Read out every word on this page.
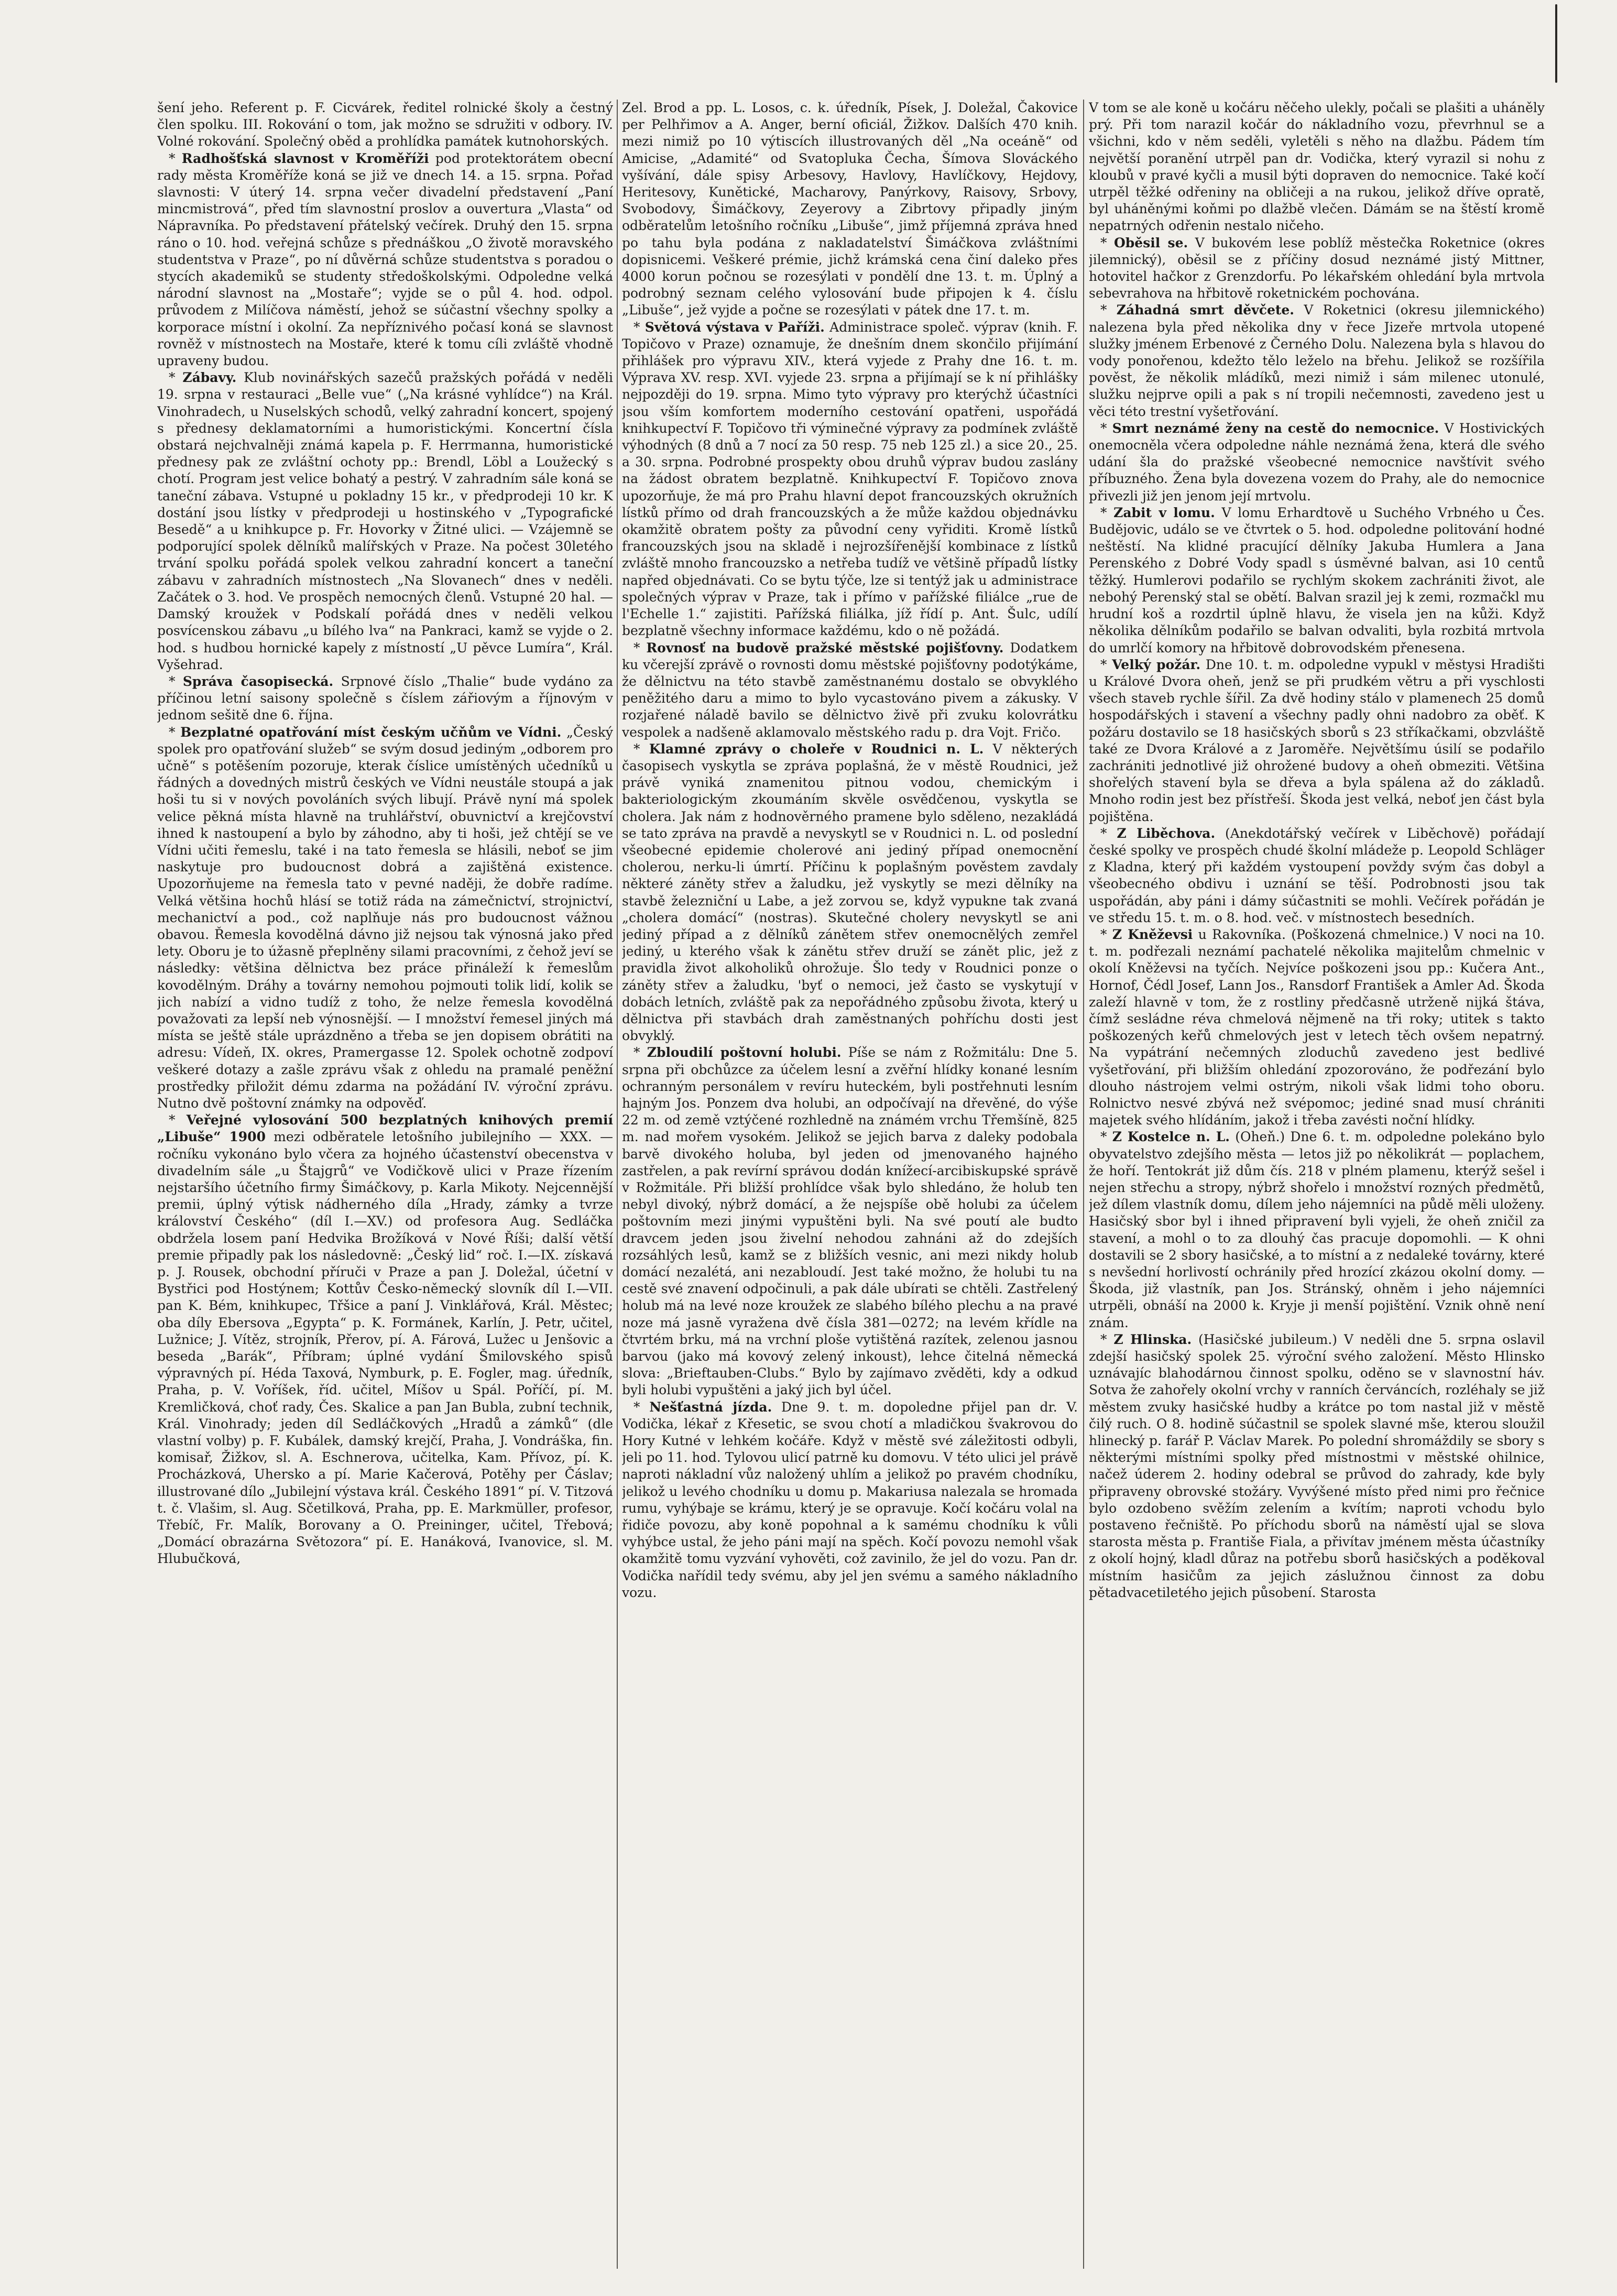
šení jeho. Referent p. F. Cicvárek, ředitel rolnické školy a čestný člen spolku. III. Rokování o tom, jak možno se sdružiti v odbory. IV. Volné rokování. Společný oběd a prohlídka památek kutnohorských.

* Radhošťská slavnost v Kroměříži pod protektorátem obecní rady města Kroměříže koná se již ve dnech 14. a 15. srpna. Pořad slavnosti: V úterý 14. srpna večer divadelní představení „Paní mincmistrová“, před tím slavnostní proslov a ouvertura „Vlasta“ od Nápravníka. Po představení přátelský večírek. Druhý den 15. srpna ráno o 10. hod. veřejná schůze s přednáškou „O životě moravského studentstva v Praze“, po ní důvěrná schůze studentstva s poradou o stycích akademiků se studenty středoškolskými. Odpoledne velká národní slavnost na „Mostaře“; vyjde se o půl 4. hod. odpol. průvodem z Milíčova náměstí, jehož se súčastní všechny spolky a korporace místní i okolní. Za nepříznivého počasí koná se slavnost rovněž v místnostech na Mostaře, které k tomu cíli zvláště vhodně upraveny budou.

* Zábavy. Klub novinářských sazečů pražských pořádá v neděli 19. srpna v restauraci „Belle vue“ („Na krásné vyhlídce“) na Král. Vinohradech, u Nuselských schodů, velký zahradní koncert, spojený s přednesy deklamatorními a humoristickými. Koncertní čísla obstará nejchvalněji známá kapela p. F. Herrmanna, humoristické přednesy pak ze zvláštní ochoty pp.: Brendl, Löbl a Loužecký s chotí. Program jest velice bohatý a pestrý. V zahradním sále koná se taneční zábava. Vstupné u pokladny 15 kr., v předprodeji 10 kr. K dostání jsou lístky v předprodeji u hostinského v „Typografické Besedě“ a u knihkupce p. Fr. Hovorky v Žitné ulici. — Vzájemně se podporující spolek dělníků malířských v Praze. Na počest 30letého trvání spolku pořádá spolek velkou zahradní koncert a taneční zábavu v zahradních místnostech „Na Slovanech“ dnes v neděli. Začátek o 3. hod. Ve prospěch nemocných členů. Vstupné 20 hal. — Damský kroužek v Podskalí pořádá dnes v neděli velkou posvícenskou zábavu „u bílého lva“ na Pankraci, kamž se vyjde o 2. hod. s hudbou hornické kapely z místností „U pěvce Lumíra“, Král. Vyšehrad.

* Správa časopisecká. Srpnové číslo „Thalie“ bude vydáno za příčinou letní saisony společně s číslem zářiovým a říjnovým v jednom sešitě dne 6. října.

* Bezplatné opatřování míst českým učňům ve Vídni. „Český spolek pro opatřování služeb“ se svým dosud jediným „odborem pro učně“ s potěšením pozoruje, kterak číslice umístěných učedníků u řádných a dovedných mistrů českých ve Vídni neustále stoupá a jak hoši tu si v nových povoláních svých libují. Právě nyní má spolek velice pěkná místa hlavně na truhlářství, obuvnictví a krejčovství ihned k nastoupení a bylo by záhodno, aby ti hoši, jež chtějí se ve Vídni učiti řemeslu, také i na tato řemesla se hlásili, neboť se jim naskytuje pro budoucnost dobrá a zajištěná existence. Upozorňujeme na řemesla tato v pevné naději, že dobře radíme. Velká většina hochů hlásí se totiž ráda na zámečnictví, strojnictví, mechanictví a pod., což naplňuje nás pro budoucnost vážnou obavou. Řemesla kovodělná dávno již nejsou tak výnosná jako před lety. Oboru je to úžasně přeplněny silami pracovními, z čehož jeví se následky: většina dělnictva bez práce přináleží k řemeslům kovodělným. Dráhy a továrny nemohou pojmouti tolik lidí, kolik se jich nabízí a vidno tudíž z toho, že nelze řemesla kovodělná považovati za lepší neb výnosnější. — I množství řemesel jiných má místa se ještě stále uprázdněno a třeba se jen dopisem obrátiti na adresu: Vídeň, IX. okres, Pramergasse 12. Spolek ochotně zodpoví veškeré dotazy a zašle zprávu však z ohledu na pramalé peněžní prostředky přiložit dému zdarma na požádání IV. výroční zprávu. Nutno dvě poštovní známky na odpověď.

* Veřejné vylosování 500 bezplatných knihových premií „Libuše“ 1900 mezi odběratele letošního jubilejního — XXX. — ročníku vykonáno bylo včera za hojného účastenství obecenstva v divadelním sále „u Štajgrů“ ve Vodičkově ulici v Praze řízením nejstaršího účetního firmy Šimáčkovy, p. Karla Mikoty. Nejcennější premii, úplný výtisk nádherného díla „Hrady, zámky a tvrze království Českého“ (díl I.—XV.) od profesora Aug. Sedláčka obdržela losem paní Hedvika Brožíková v Nové Říši; další větší premie připadly pak los následovně: „Český lid“ roč. I.—IX. získavá p. J. Rousek, obchodní příruči v Praze a pan J. Doležal, účetní v Bystřici pod Hostýnem; Kottův Česko-německý slovník díl I.—VII. pan K. Bém, knihkupec, Třšice a paní J. Vinklářová, Král. Městec; oba díly Ebersova „Egypta“ p. K. Formánek, Karlín, J. Petr, učitel, Lužnice; J. Vítěz, strojník, Přerov, pí. A. Fárová, Lužec u Jenšovic a beseda „Barák“, Příbram; úplné vydání Šmilovského spisů výpravných pí. Héda Taxová, Nymburk, p. E. Fogler, mag. úředník, Praha, p. V. Voříšek, říd. učitel, Míšov u Spál. Poříčí, pí. M. Kremličková, choť rady, Čes. Skalice a pan Jan Bubla, zubní technik, Král. Vinohrady; jeden díl Sedláčkových „Hradů a zámků“ (dle vlastní volby) p. F. Kubálek, damský krejčí, Praha, J. Vondráška, fin. komisař, Žižkov, sl. A. Eschnerova, učitelka, Kam. Přívoz, pí. K. Procházková, Uhersko a pí. Marie Kačerová, Potěhy per Čáslav; illustrované dílo „Jubilejní výstava král. Českého 1891“ pí. V. Titzová t. č. Vlašim, sl. Aug. Sčetilková, Praha, pp. E. Markmüller, profesor, Třebíč, Fr. Malík, Borovany a O. Preininger, učitel, Třebová; „Domácí obrazárna Světozora“ pí. E. Hanáková, Ivanovice, sl. M. Hlubučková,

Zel. Brod a pp. L. Losos, c. k. úředník, Písek, J. Doležal, Čakovice per Pelhřimov a A. Anger, berní oficiál, Žižkov. Dalších 470 knih. mezi nimiž po 10 výtiscích illustrovaných děl „Na oceáně“ od Amicise, „Adamité“ od Svatopluka Čecha, Šímova Slováckého vyšívání, dále spisy Arbesovy, Havlovy, Havlíčkovy, Hejdovy, Heritesovy, Kunětické, Macharovy, Panýrkovy, Raisovy, Srbovy, Svobodovy, Šimáčkovy, Zeyerovy a Zibrtovy připadly jiným odběratelům letošního ročníku „Libuše“, jimž příjemná zpráva hned po tahu byla podána z nakladatelství Šimáčkova zvláštními dopisnicemi. Veškeré prémie, jichž krámská cena činí daleko přes 4000 korun počnou se rozesýlati v pondělí dne 13. t. m. Úplný a podrobný seznam celého vylosování bude připojen k 4. číslu „Libuše“, jež vyjde a počne se rozesýlati v pátek dne 17. t. m.

* Světová výstava v Paříži. Administrace společ. výprav (knih. F. Topičovo v Praze) oznamuje, že dnešním dnem skončilo přijímání přihlášek pro výpravu XIV., která vyjede z Prahy dne 16. t. m. Výprava XV. resp. XVI. vyjede 23. srpna a přijímají se k ní přihlášky nejpozději do 19. srpna. Mimo tyto výpravy pro kterýchž účastníci jsou vším komfortem moderního cestování opatřeni, uspořádá knihkupectví F. Topičovo tři výminečné výpravy za podmínek zvláště výhodných (8 dnů a 7 nocí za 50 resp. 75 neb 125 zl.) a sice 20., 25. a 30. srpna. Podrobné prospekty obou druhů výprav budou zaslány na žádost obratem bezplatně. Knihkupectví F. Topičovo znova upozorňuje, že má pro Prahu hlavní depot francouzských okružních lístků přímo od drah francouzských a že může každou objednávku okamžitě obratem pošty za původní ceny vyřiditi. Kromě lístků francouzských jsou na skladě i nejrozšířenější kombinace z lístků zvláště mnoho francouzsko a netřeba tudíž ve většině případů lístky napřed objednávati. Co se bytu týče, lze si tentýž jak u administrace společných výprav v Praze, tak i přímo v pařížské filiálce „rue de l'Echelle 1.“ zajistiti. Pařížská filiálka, jíž řídí p. Ant. Šulc, udílí bezplatně všechny informace každému, kdo o ně požádá.

* Rovnosť na budově pražské městské pojišťovny. Dodatkem ku včerejší zprávě o rovnosti domu městské pojišťovny podotýkáme, že dělnictvu na této stavbě zaměstnanému dostalo se obvyklého peněžitého daru a mimo to bylo vycastováno pivem a zákusky. V rozjařené náladě bavilo se dělnictvo živě při zvuku kolovrátku vespolek a nadšeně aklamovalo městského radu p. dra Vojt. Fričo.

* Klamné zprávy o choleře v Roudnici n. L. V některých časopisech vyskytla se zpráva poplašná, že v městě Roudnici, jež právě vyniká znamenitou pitnou vodou, chemickým i bakteriologickým zkoumáním skvěle osvědčenou, vyskytla se cholera. Jak nám z hodnověrného pramene bylo sděleno, nezakládá se tato zpráva na pravdě a nevyskytl se v Roudnici n. L. od poslední všeobecné epidemie cholerové ani jediný případ onemocnění cholerou, nerku-li úmrtí. Příčinu k poplašným pověstem zavdaly některé záněty střev a žaludku, jež vyskytly se mezi dělníky na stavbě železniční u Labe, a jež zorvou se, když vypukne tak zvaná „cholera domácí“ (nostras). Skutečné cholery nevyskytl se ani jediný případ a z dělníků zánětem střev onemocnělých zemřel jediný, u kterého však k zánětu střev druží se zánět plic, jež z pravidla život alkoholiků ohrožuje. Šlo tedy v Roudnici ponze o záněty střev a žaludku, 'byť o nemoci, jež často se vyskytují v dobách letních, zvláště pak za nepořádného způsobu života, který u dělnictva při stavbách drah zaměstnaných pohříchu dosti jest obvyklý.

* Zbloudilí poštovní holubi. Píše se nám z Rožmitálu: Dne 5. srpna při obchůzce za účelem lesní a zvěřní hlídky konané lesním ochranným personálem v revíru huteckém, byli postřehnuti lesním hajným Jos. Ponzem dva holubi, an odpočívají na dřevěné, do výše 22 m. od země vztýčené rozhledně na známém vrchu Třemšíně, 825 m. nad mořem vysokém. Jelikož se jejich barva z daleky podobala barvě divokého holuba, byl jeden od jmenovaného hajného zastřelen, a pak revírní správou dodán knížecí-arcibiskupské správě v Rožmitále. Při bližší prohlídce však bylo shledáno, že holub ten nebyl divoký, nýbrž domácí, a že nejspíše obě holubi za účelem poštovním mezi jinými vypuštěni byli. Na své poutí ale budto dravcem jeden jsou živelní nehodou zahnáni až do zdejších rozsáhlých lesů, kamž se z bližších vesnic, ani mezi nikdy holub domácí nezalétá, ani nezabloudí. Jest také možno, že holubi tu na cestě své znavení odpočinuli, a pak dále ubírati se chtěli. Zastřelený holub má na levé noze kroužek ze slabého bílého plechu a na pravé noze má jasně vyražena dvě čísla 381—0272; na levém křídle na čtvrtém brku, má na vrchní ploše vytištěná razítek, zelenou jasnou barvou (jako má kovový zelený inkoust), lehce čitelná německá slova: „Brieftauben-Clubs.“ Bylo by zajímavo zvěděti, kdy a odkud byli holubi vypuštěni a jaký jich byl účel.

* Nešťastná jízda. Dne 9. t. m. dopoledne přijel pan dr. V. Vodička, lékař z Křesetic, se svou chotí a mladičkou švakrovou do Hory Kutné v lehkém kočáře. Když v městě své záležitosti odbyli, jeli po 11. hod. Tylovou ulicí patrně ku domovu. V této ulici jel právě naproti nákladní vůz naložený uhlím a jelikož po pravém chodníku, jelikož u levého chodníku u domu p. Makariusa nalezala se hromada rumu, vyhýbaje se krámu, který je se opravuje. Kočí kočáru volal na řidiče povozu, aby koně popohnal a k samému chodníku k vůli vyhýbce ustal, že jeho páni mají na spěch. Kočí povozu nemohl však okamžitě tomu vyzvání vyhověti, což zavinilo, že jel do vozu. Pan dr. Vodička nařídil tedy svému, aby jel jen svému a samého nákladního vozu.

V tom se ale koně u kočáru něčeho ulekly, počali se plašiti a uháněly prý. Při tom narazil kočár do nákladního vozu, převrhnul se a všichni, kdo v něm seděli, vyletěli s něho na dlažbu. Pádem tím největší poranění utrpěl pan dr. Vodička, který vyrazil si nohu z kloubů v pravé kyčli a musil býti dopraven do nemocnice. Také kočí utrpěl těžké odřeniny na obličeji a na rukou, jelikož dříve opratě, byl uháněnými koňmi po dlažbě vlečen. Dámám se na štěstí kromě nepatrných odřenin nestalo ničeho.

* Oběsil se. V bukovém lese poblíž městečka Roketnice (okres jilemnický), oběsil se z příčiny dosud neznámé jistý Mittner, hotovitel hačkor z Grenzdorfu. Po lékařském ohledání byla mrtvola sebevrahova na hřbitově roketnickém pochována.

* Záhadná smrt děvčete. V Roketnici (okresu jilemnického) nalezena byla před několika dny v řece Jizeře mrtvola utopené služky jménem Erbenové z Černého Dolu. Nalezena byla s hlavou do vody ponořenou, kdežto tělo leželo na břehu. Jelikož se rozšířila pověst, že několik mládíků, mezi nimiž i sám milenec utonulé, služku nejprve opili a pak s ní tropili nečemnosti, zavedeno jest u věci této trestní vyšetřování.

* Smrt neznámé ženy na cestě do nemocnice. V Hostivických onemocněla včera odpoledne náhle neznámá žena, která dle svého udání šla do pražské všeobecné nemocnice navštívit svého příbuzného. Žena byla dovezena vozem do Prahy, ale do nemocnice přivezli již jen jenom její mrtvolu.

* Zabit v lomu. V lomu Erhardtově u Suchého Vrbného u Čes. Budějovic, událo se ve čtvrtek o 5. hod. odpoledne politování hodné neštěstí. Na klidné pracující dělníky Jakuba Humlera a Jana Perenského z Dobré Vody spadl s úsměvné balvan, asi 10 centů těžký. Humlerovi podařilo se rychlým skokem zachrániti život, ale nebohý Perenský stal se obětí. Balvan srazil jej k zemi, rozmačkl mu hrudní koš a rozdrtil úplně hlavu, že visela jen na kůži. Když několika dělníkům podařilo se balvan odvaliti, byla rozbitá mrtvola do umrlčí komory na hřbitově dobrovodském přenesena.

* Velký požár. Dne 10. t. m. odpoledne vypukl v městysi Hradišti u Králové Dvora oheň, jenž se při prudkém větru a při vyschlosti všech staveb rychle šířil. Za dvě hodiny stálo v plamenech 25 domů hospodářských i stavení a všechny padly ohni nadobro za oběť. K požáru dostavilo se 18 hasičských sborů s 23 stříkačkami, obzvláště také ze Dvora Králové a z Jaroměře. Největšímu úsilí se podařilo zachrániti jednotlivé již ohrožené budovy a oheň obmeziti. Většina shořelých stavení byla se dřeva a byla spálena až do základů. Mnoho rodin jest bez přístřeší. Škoda jest velká, neboť jen část byla pojištěna.

* Z Liběchova. (Anekdotářský večírek v Liběchově) pořádají české spolky ve prospěch chudé školní mládeže p. Leopold Schläger z Kladna, který při každém vystoupení povždy svým čas dobyl a všeobecného obdivu i uznání se těší. Podrobnosti jsou tak uspořádán, aby páni i dámy súčastniti se mohli. Večírek pořádán je ve středu 15. t. m. o 8. hod. več. v místnostech besedních.

* Z Kněževsi u Rakovníka. (Poškozená chmelnice.) V noci na 10. t. m. podřezali neznámí pachatelé několika majitelům chmelnic v okolí Kněževsi na tyčích. Nejvíce poškozeni jsou pp.: Kučera Ant., Hornof, Čédl Josef, Lann Jos., Ransdorf František a Amler Ad. Škoda zaleží hlavně v tom, že z rostliny předčasně utrženě nijká štáva, čímž sesládne réva chmelová nějmeně na tři roky; utitek s takto poškozených keřů chmelových jest v letech těch ovšem nepatrný. Na vypátrání nečemných zloduchů zavedeno jest bedlivé vyšetřování, při bližším ohledání zpozorováno, že podřezání bylo dlouho nástrojem velmi ostrým, nikoli však lidmi toho oboru. Rolnictvo nesvé zbývá než svépomoc; jediné snad musí chrániti majetek svého hlídáním, jakož i třeba zavésti noční hlídky.

* Z Kostelce n. L. (Oheň.) Dne 6. t. m. odpoledne polekáno bylo obyvatelstvo zdejšího města — letos již po několikrát — poplachem, že hoří. Tentokrát již dům čís. 218 v plném plamenu, kterýž sešel i nejen střechu a stropy, nýbrž shořelo i množství rozných předmětů, jež dílem vlastník domu, dílem jeho nájemníci na půdě měli uloženy. Hasičský sbor byl i ihned připravení byli vyjeli, že oheň zničil za stavení, a mohl o to za dlouhý čas pracuje dopomohli. — K ohni dostavili se 2 sbory hasičské, a to místní a z nedaleké továrny, které s nevšední horlivostí ochránily před hrozící zkázou okolní domy. — Škoda, již vlastník, pan Jos. Stránský, ohněm i jeho nájemníci utrpěli, obnáší na 2000 k. Kryje ji menší pojištění. Vznik ohně není znám.

* Z Hlinska. (Hasičské jubileum.) V neděli dne 5. srpna oslavil zdejší hasičský spolek 25. výroční svého založení. Město Hlinsko uznávajíc blahodárnou činnost spolku, oděno se v slavnostní háv. Sotva že zahořely okolní vrchy v ranních červáncích, rozléhaly se již městem zvuky hasičské hudby a krátce po tom nastal již v městě čilý ruch. O 8. hodině súčastnil se spolek slavné mše, kterou sloužil hlinecký p. farář P. Václav Marek. Po polední shromáždily se sbory s některými místními spolky před místnostmi v městské ohilnice, načež úderem 2. hodiny odebral se průvod do zahrady, kde byly připraveny obrovské stožáry. Vyvýšené místo před nimi pro řečnice bylo ozdobeno svěžím zelením a kvítím; naproti vchodu bylo postaveno řečniště. Po příchodu sborů na náměstí ujal se slova starosta města p. Františe Fiala, a přivítav jménem města účastníky z okolí hojný, kladl důraz na potřebu sborů hasičských a poděkoval místním hasičům za jejich záslužnou činnost za dobu pětadvacetiletého jejich působení. Starosta
